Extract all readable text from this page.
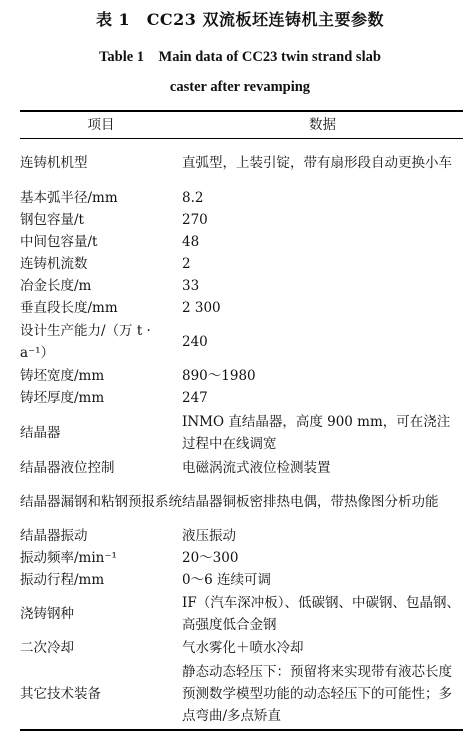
表 1　CC23 双流板坯连铸机主要参数
Table 1　Main data of CC23 twin strand slab
caster after revamping
项目	数据
连铸机机型	直弧型，上装引锭，带有扇形段自动更换小车
基本弧半径/mm	8.2
钢包容量/t	270
中间包容量/t	48
连铸机流数	2
冶金长度/m	33
垂直段长度/mm	2 300
设计生产能力/（万 t · a⁻¹）	240
铸坯宽度/mm	890～1980
铸坯厚度/mm	247
结晶器	INMO 直结晶器，高度 900 mm，可在浇注过程中在线调宽
结晶器液位控制	电磁涡流式液位检测装置
结晶器漏钢和粘钢预报系统	结晶器铜板密排热电偶，带热像图分析功能
结晶器振动	液压振动
振动频率/min⁻¹	20～300
振动行程/mm	0～6 连续可调
浇铸钢种	IF（汽车深冲板）、低碳钢、中碳钢、包晶钢、高强度低合金钢
二次冷却	气水雾化＋喷水冷却
其它技术装备	静态动态轻压下：预留将来实现带有液芯长度预测数学模型功能的动态轻压下的可能性；多点弯曲/多点矫直
